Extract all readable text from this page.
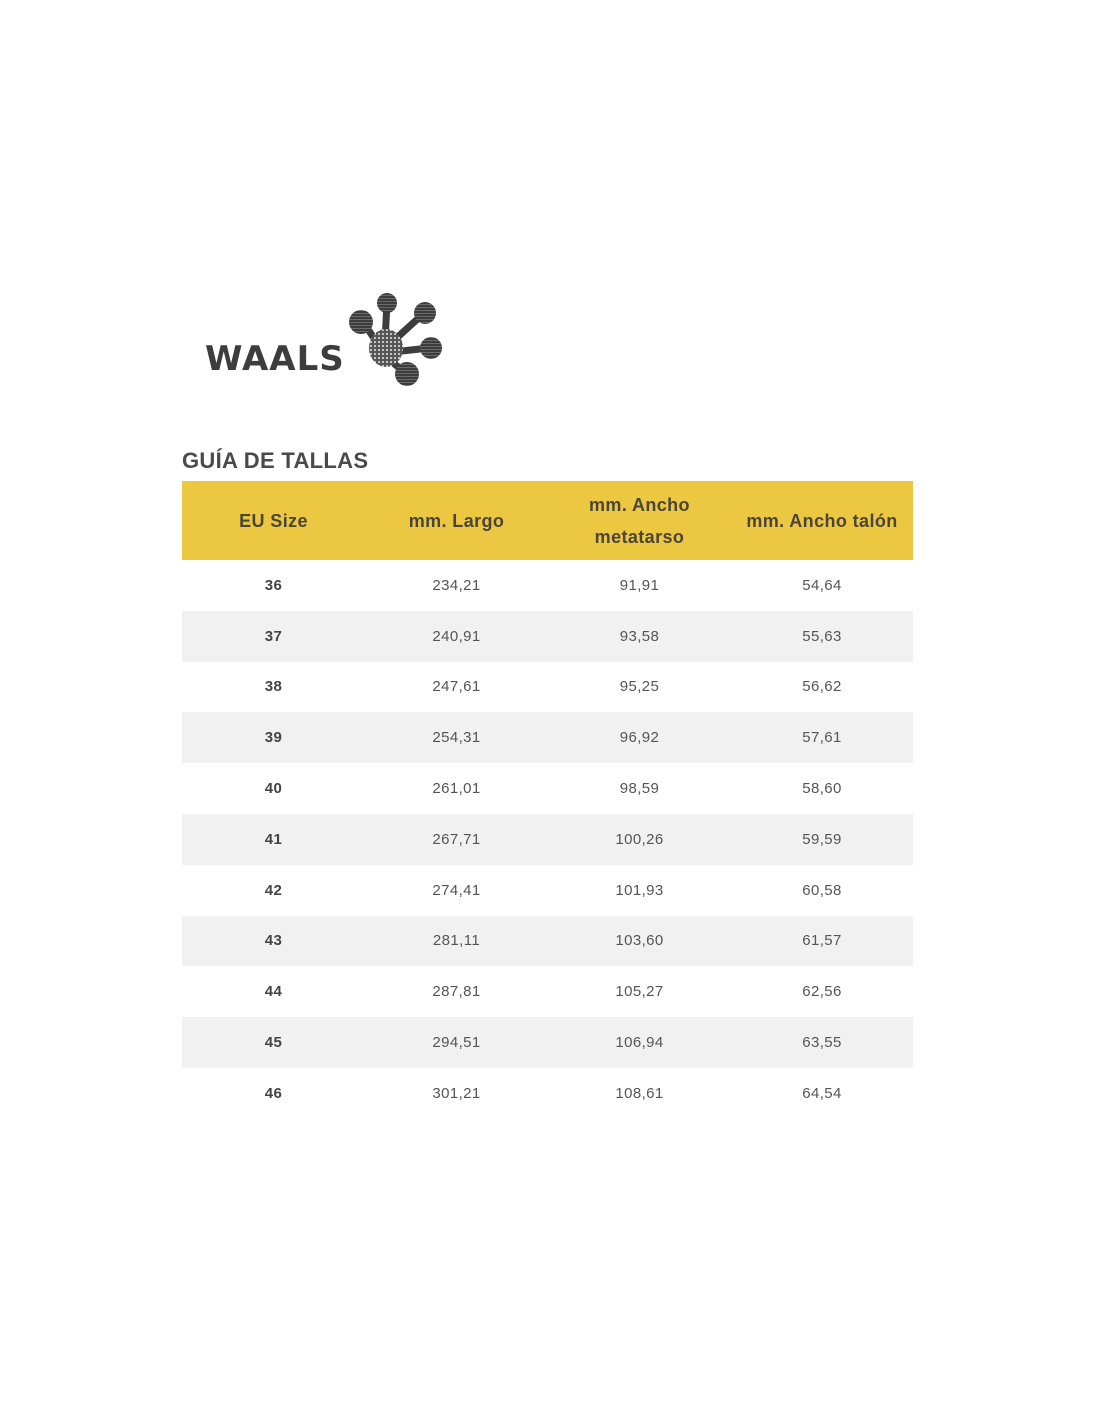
WAALS
GUÍA DE TALLAS
EU Size	mm. Largo	mm. Ancho metatarso	mm. Ancho talón
36	234,21	91,91	54,64
37	240,91	93,58	55,63
38	247,61	95,25	56,62
39	254,31	96,92	57,61
40	261,01	98,59	58,60
41	267,71	100,26	59,59
42	274,41	101,93	60,58
43	281,11	103,60	61,57
44	287,81	105,27	62,56
45	294,51	106,94	63,55
46	301,21	108,61	64,54
